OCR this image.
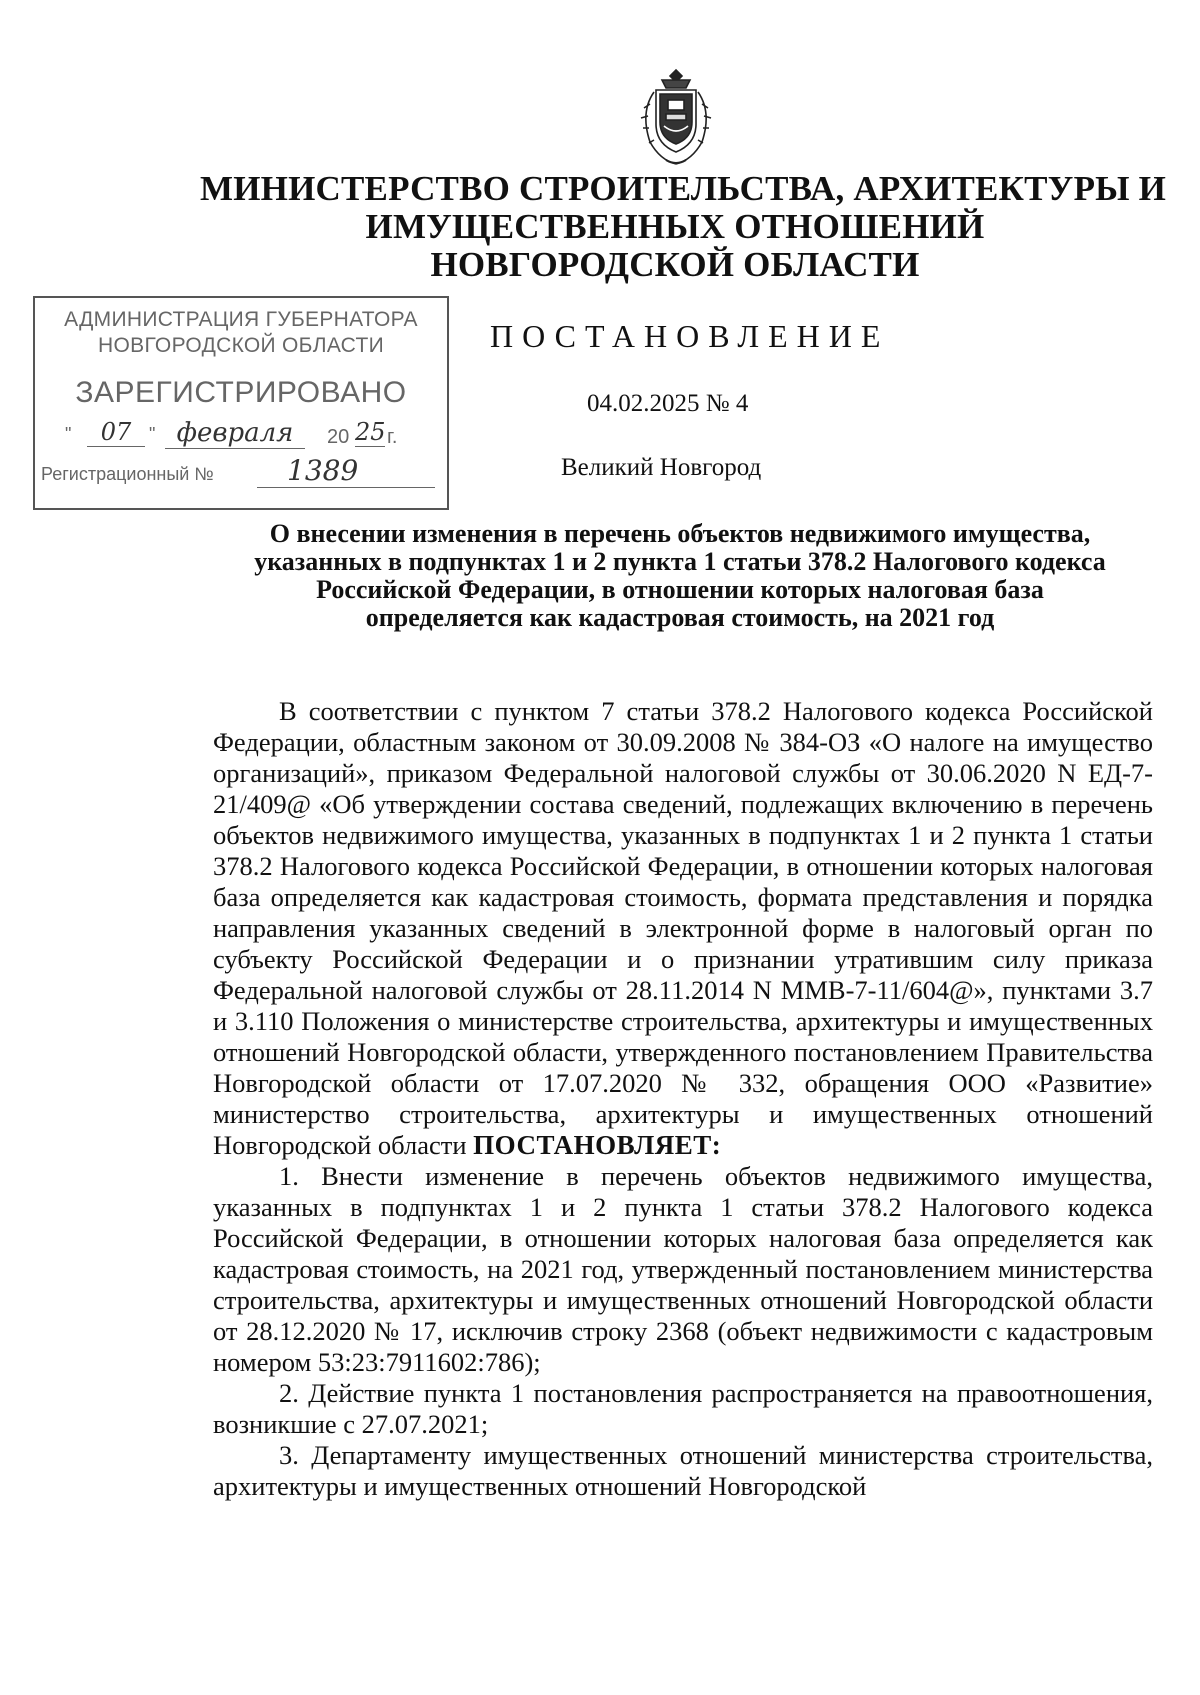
МИНИСТЕРСТВО СТРОИТЕЛЬСТВА, АРХИТЕКТУРЫ И
ИМУЩЕСТВЕННЫХ ОТНОШЕНИЙ
НОВГОРОДСКОЙ ОБЛАСТИ
АДМИНИСТРАЦИЯ ГУБЕРНАТОРА
НОВГОРОДСКОЙ ОБЛАСТИ
ЗАРЕГИСТРИРОВАНО
"	07 " февраля	20 25 г.
Регистрационный №	1389
ПОСТАНОВЛЕНИЕ
04.02.2025 № 4
Великий Новгород
О внесении изменения в перечень объектов недвижимого имущества,
указанных в подпунктах 1 и 2 пункта 1 статьи 378.2 Налогового кодекса
Российской Федерации, в отношении которых налоговая база
определяется как кадастровая стоимость, на 2021 год

В соответствии с пунктом 7 статьи 378.2 Налогового кодекса Российской Федерации, областным законом от 30.09.2008 № 384-ОЗ «О налоге на имущество организаций», приказом Федеральной налоговой службы от 30.06.2020 N ЕД-7-21/409@ «Об утверждении состава сведений, подлежащих включению в перечень объектов недвижимого имущества, указанных в подпунктах 1 и 2 пункта 1 статьи 378.2 Налогового кодекса Российской Федерации, в отношении которых налоговая база определяется как кадастровая стоимость, формата представления и порядка направления указанных сведений в электронной форме в налоговый орган по субъекту Российской Федерации и о признании утратившим силу приказа Федеральной налоговой службы от 28.11.2014 N ММВ-7-11/604@», пунктами 3.7 и 3.110 Положения о министерстве строительства, архитектуры и имущественных отношений Новгородской области, утвержденного постановлением Правительства Новгородской области от 17.07.2020 № 332, обращения ООО «Развитие» министерство строительства, архитектуры и имущественных отношений Новгородской области ПОСТАНОВЛЯЕТ:

1. Внести изменение в перечень объектов недвижимого имущества, указанных в подпунктах 1 и 2 пункта 1 статьи 378.2 Налогового кодекса Российской Федерации, в отношении которых налоговая база определяется как кадастровая стоимость, на 2021 год, утвержденный постановлением министерства строительства, архитектуры и имущественных отношений Новгородской области от 28.12.2020 № 17, исключив строку 2368 (объект недвижимости с кадастровым номером 53:23:7911602:786);

2. Действие пункта 1 постановления распространяется на правоотношения, возникшие с 27.07.2021;

3. Департаменту имущественных отношений министерства строительства, архитектуры и имущественных отношений Новгородской
